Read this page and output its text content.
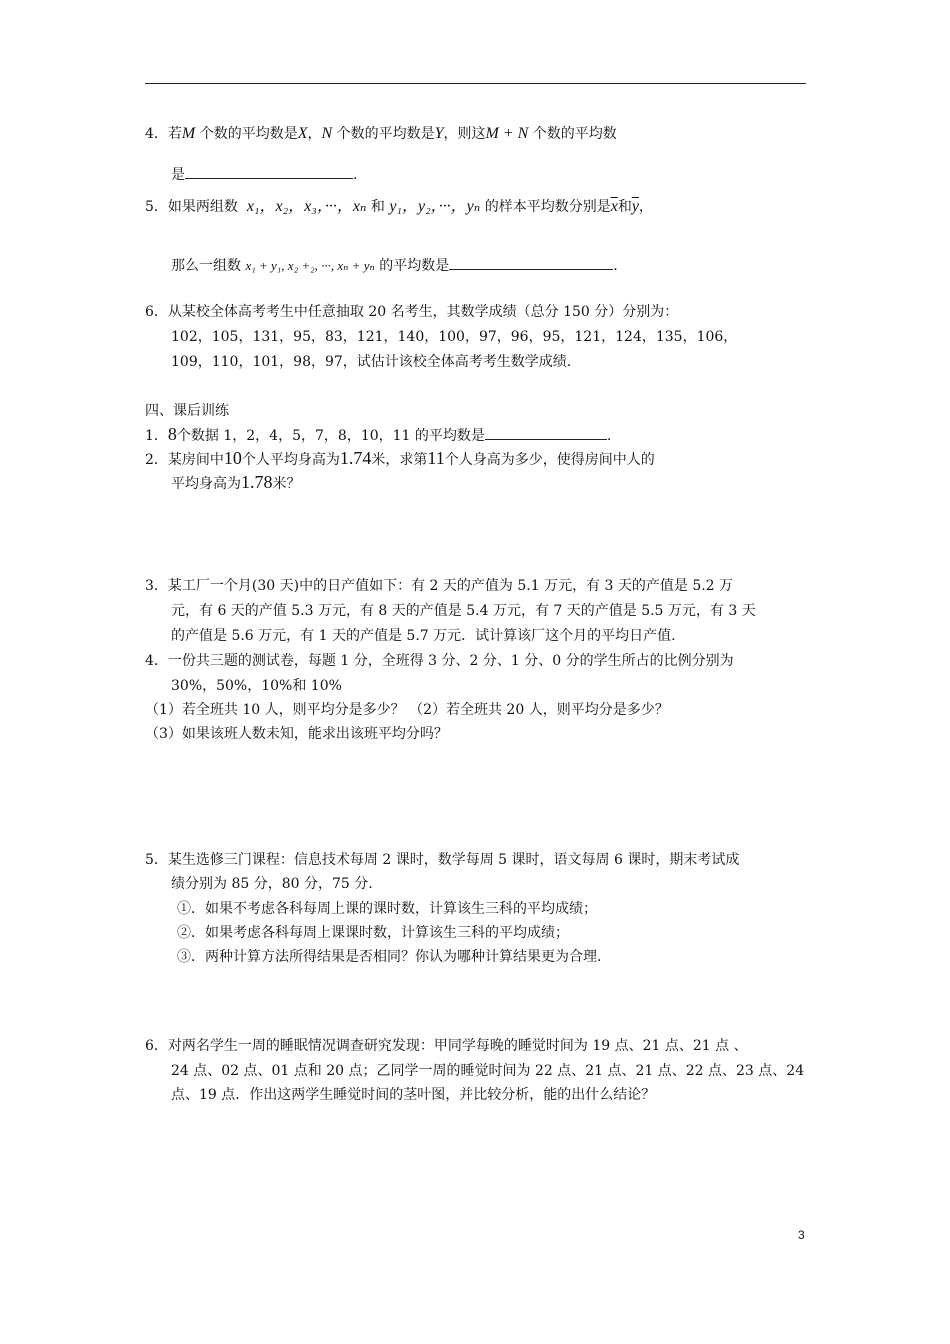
4．若M 个数的平均数是X，N 个数的平均数是Y，则这M + N 个数的平均数
是	.
5．如果两组数 x₁，x₂，x₃，···，xₙ 和 y₁，y₂，···，yₙ 的样本平均数分别是$\overline{x}$和$\overline{y}$，
那么一组数 x₁ + y₁, x₂ +₂, ···, xₙ + yₙ 的平均数是	.
6．从某校全体高考考生中任意抽取 20 名考生，其数学成绩（总分 150 分）分别为：
102，105，131，95，83，121，140，100，97，96，95，121，124，135，106，
109，110，101，98，97，试估计该校全体高考考生数学成绩.
四、课后训练
1．8个数据 1，2，4，5，7，8，10，11 的平均数是	.
2．某房间中10个人平均身高为1.74米，求第11个人身高为多少，使得房间中人的
平均身高为1.78米？
3．某工厂一个月(30 天)中的日产值如下：有 2 天的产值为 5.1 万元，有 3 天的产值是 5.2 万
元，有 6 天的产值 5.3 万元，有 8 天的产值是 5.4 万元，有 7 天的产值是 5.5 万元，有 3 天
的产值是 5.6 万元，有 1 天的产值是 5.7 万元．试计算该厂这个月的平均日产值.
4．一份共三题的测试卷，每题 1 分，全班得 3 分、2 分、1 分、0 分的学生所占的比例分别为
30%，50%，10%和 10%
（1）若全班共 10 人，则平均分是多少？ （2）若全班共 20 人，则平均分是多少？
（3）如果该班人数未知，能求出该班平均分吗？
5．某生选修三门课程：信息技术每周 2 课时，数学每周 5 课时，语文每周 6 课时，期末考试成
绩分别为 85 分，80 分，75 分.
①．如果不考虑各科每周上课的课时数，计算该生三科的平均成绩；
②．如果考虑各科每周上课课时数，计算该生三科的平均成绩；
③．两种计算方法所得结果是否相同？你认为哪种计算结果更为合理.
6．对两名学生一周的睡眠情况调查研究发现：甲同学每晚的睡觉时间为 19 点、21 点、21 点 、
24 点、02 点、01 点和 20 点；乙同学一周的睡觉时间为 22 点、21 点、21 点、22 点、23 点、24
点、19 点．作出这两学生睡觉时间的茎叶图，并比较分析，能的出什么结论？
3
